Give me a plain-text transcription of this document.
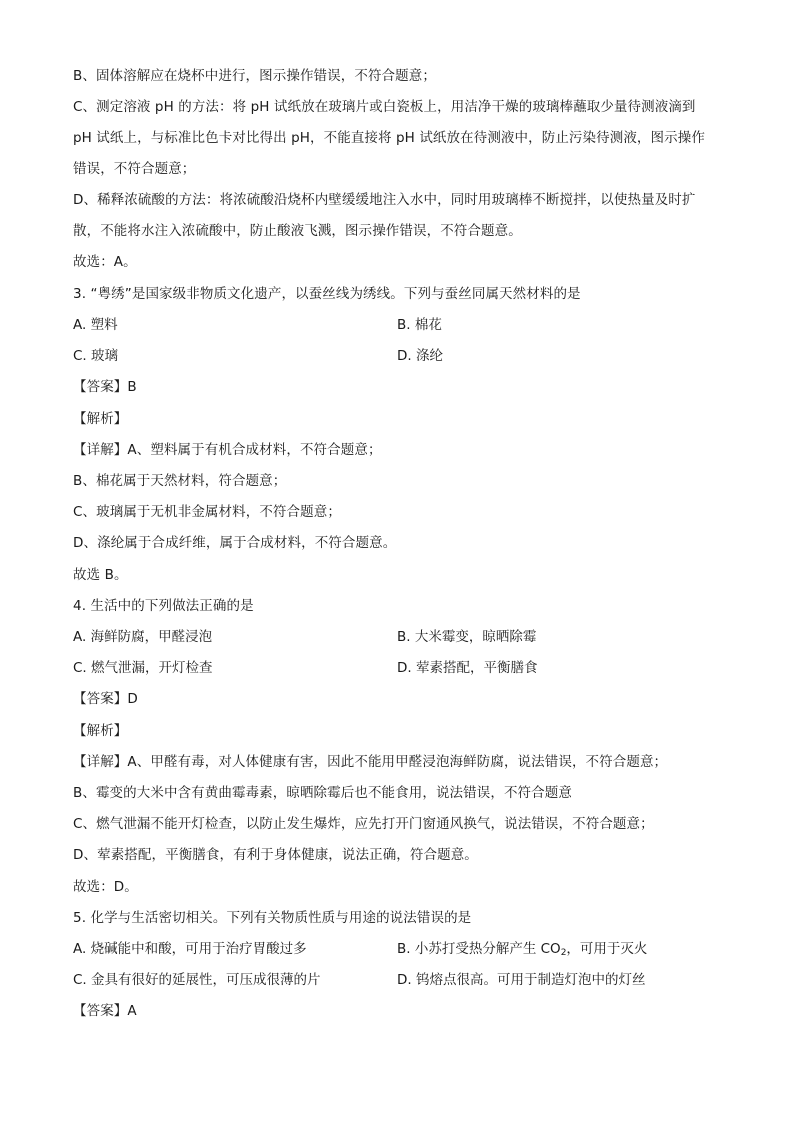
B、固体溶解应在烧杯中进行，图示操作错误，不符合题意；
C、测定溶液 pH 的方法：将 pH 试纸放在玻璃片或白瓷板上，用洁净干燥的玻璃棒蘸取少量待测液滴到
pH 试纸上，与标准比色卡对比得出 pH，不能直接将 pH 试纸放在待测液中，防止污染待测液，图示操作
错误，不符合题意；
D、稀释浓硫酸的方法：将浓硫酸沿烧杯内壁缓缓地注入水中，同时用玻璃棒不断搅拌，以使热量及时扩
散，不能将水注入浓硫酸中，防止酸液飞溅，图示操作错误，不符合题意。
故选：A。
3. “粤绣”是国家级非物质文化遗产，以蚕丝线为绣线。下列与蚕丝同属天然材料的是
A. 塑料	B. 棉花
C. 玻璃	D. 涤纶
【答案】B
【解析】
【详解】A、塑料属于有机合成材料，不符合题意；
B、棉花属于天然材料，符合题意；
C、玻璃属于无机非金属材料，不符合题意；
D、涤纶属于合成纤维，属于合成材料，不符合题意。
故选 B。
4. 生活中的下列做法正确的是
A. 海鲜防腐，甲醛浸泡	B. 大米霉变，晾晒除霉
C. 燃气泄漏，开灯检查	D. 荤素搭配，平衡膳食
【答案】D
【解析】
【详解】A、甲醛有毒，对人体健康有害，因此不能用甲醛浸泡海鲜防腐，说法错误，不符合题意；
B、霉变的大米中含有黄曲霉毒素，晾晒除霉后也不能食用，说法错误，不符合题意
C、燃气泄漏不能开灯检查，以防止发生爆炸，应先打开门窗通风换气，说法错误，不符合题意；
D、荤素搭配，平衡膳食，有利于身体健康，说法正确，符合题意。
故选：D。
5. 化学与生活密切相关。下列有关物质性质与用途的说法错误的是
A. 烧碱能中和酸，可用于治疗胃酸过多	B. 小苏打受热分解产生 $CO_2$，可用于灭火
C. 金具有很好的延展性，可压成很薄的片	D. 钨熔点很高。可用于制造灯泡中的灯丝
【答案】A
